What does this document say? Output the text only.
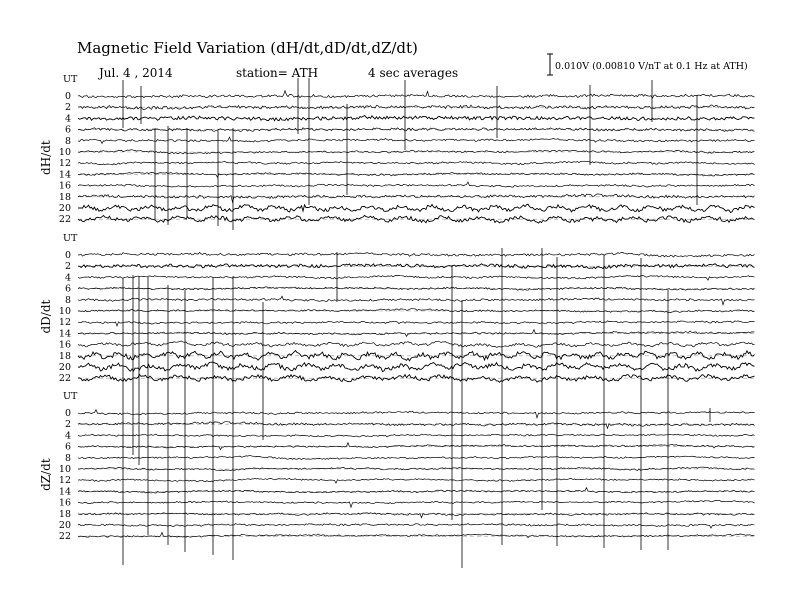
Magnetic Field Variation (dH/dt,dD/dt,dZ/dt)
Jul. 4 , 2014	station= ATH	4 sec averages	0.010V (0.00810 V/nT at 0.1 Hz at ATH)
UT
dH/dt
0
2
4
6
8
10
12
14
16
18
20
22
UT
dD/dt
0
2
4
6
8
10
12
14
16
18
20
22
UT
dZ/dt
0
2
4
6
8
10
12
14
16
18
20
22
